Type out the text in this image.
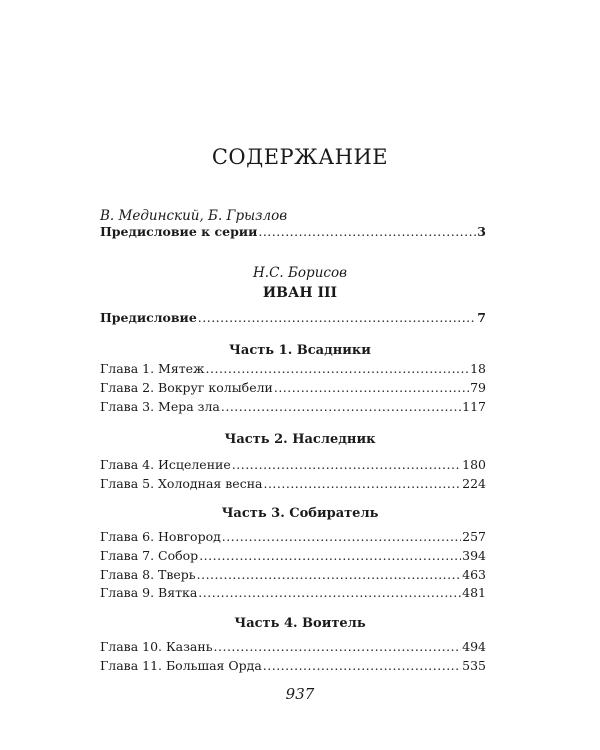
СОДЕРЖАНИЕ
В. Мединский, Б. Грызлов
Предисловие к серии .....	3
Н.С. Борисов
ИВАН III
Предисловие .....	7
Часть 1. Всадники
Глава 1. Мятеж .....	18
Глава 2. Вокруг колыбели .....	79
Глава 3. Мера зла .....	117
Часть 2. Наследник
Глава 4. Исцеление .....	180
Глава 5. Холодная весна .....	224
Часть 3. Собиратель
Глава 6. Новгород .....	257
Глава 7. Собор .....	394
Глава 8. Тверь .....	463
Глава 9. Вятка .....	481
Часть 4. Воитель
Глава 10. Казань .....	494
Глава 11. Большая Орда .....	535
937
